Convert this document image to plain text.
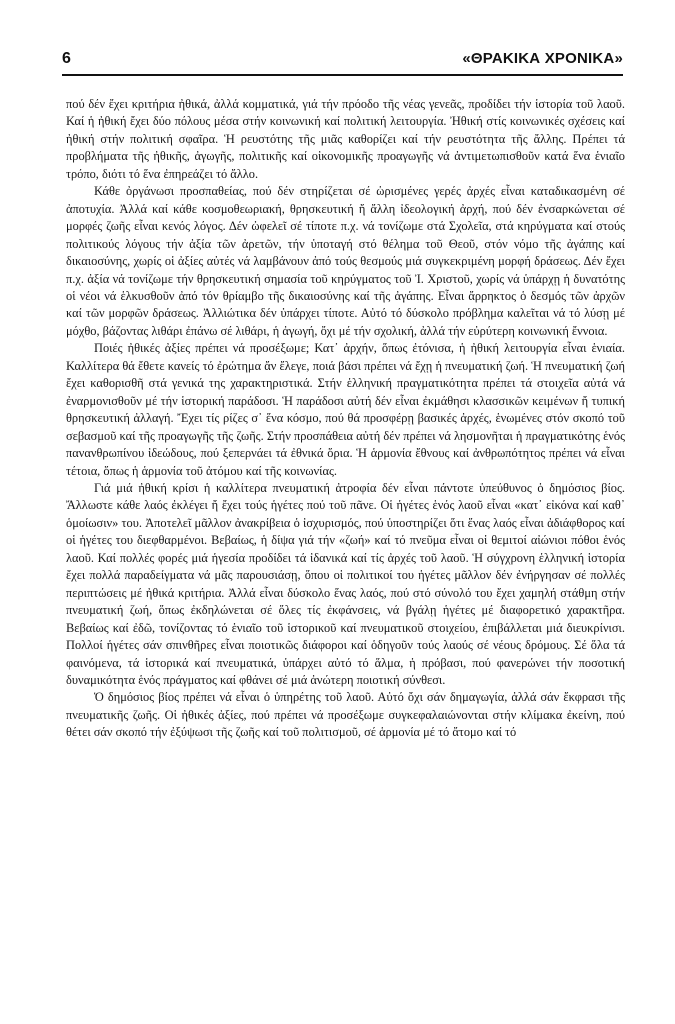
6	«ΘΡΑΚΙΚΑ ΧΡΟΝΙΚΑ»

πού δέν ἔχει κριτήρια ἠθικά, ἀλλά κομματικά, γιά τήν πρόοδο τῆς νέας γενεᾶς, προδίδει τήν ἱστορία τοῦ λαοῦ. Καί ἡ ἠθική ἔχει δύο πόλους μέσα στήν κοινωνική καί πολιτική λειτουργία. Ἠθική στίς κοινωνικές σχέσεις καί ἠθική στήν πολιτική σφαῖρα. Ἡ ρευστότης τῆς μιᾶς καθορίζει καί τήν ρευστότητα τῆς ἄλλης. Πρέπει τά προβλήματα τῆς ἠθικῆς, ἀγωγῆς, πολιτικῆς καί οἰκονομικῆς προαγωγῆς νά ἀντιμετωπισθοῦν κατά ἕνα ἑνιαῖο τρόπο, διότι τό ἕνα ἐπηρεάζει τό ἄλλο.

Κάθε ὀργάνωσι προσπαθείας, πού δέν στηρίζεται σέ ὡρισμένες γερές ἀρχές εἶναι καταδικασμένη σέ ἀποτυχία. Ἀλλά καί κάθε κοσμοθεωριακή, θρησκευτική ἤ ἄλλη ἰδεολογική ἀρχή, πού δέν ἐνσαρκώνεται σέ μορφές ζωῆς εἶναι κενός λόγος. Δέν ὠφελεῖ σέ τίποτε π.χ. νά τονίζωμε στά Σχολεῖα, στά κηρύγματα καί στούς πολιτικούς λόγους τήν ἀξία τῶν ἀρετῶν, τήν ὑποταγή στό θέλημα τοῦ Θεοῦ, στόν νόμο τῆς ἀγάπης καί δικαιοσύνης, χωρίς οἱ ἀξίες αὐτές νά λαμβάνουν ἀπό τούς θεσμούς μιά συγκεκριμένη μορφή δράσεως. Δέν ἔχει π.χ. ἀξία νά τονίζωμε τήν θρησκευτική σημασία τοῦ κηρύγματος τοῦ Ἰ. Χριστοῦ, χωρίς νά ὑπάρχῃ ἡ δυνατότης οἱ νέοι νά ἑλκυσθοῦν ἀπό τόν θρίαμβο τῆς δικαιοσύνης καί τῆς ἀγάπης. Εἶναι ἄρρηκτος ὁ δεσμός τῶν ἀρχῶν καί τῶν μορφῶν δράσεως. Ἀλλιώτικα δέν ὑπάρχει τίποτε. Αὐτό τό δύσκολο πρόβλημα καλεῖται νά τό λύσῃ μέ μόχθο, βάζοντας λιθάρι ἐπάνω σέ λιθάρι, ἡ ἀγωγή, ὄχι μέ τήν σχολική, ἀλλά τήν εὐρύτερη κοινωνική ἔννοια.

Ποιές ἠθικές ἀξίες πρέπει νά προσέξωμε; Κατ᾽ ἀρχήν, ὅπως ἐτόνισα, ἡ ἠθική λειτουργία εἶναι ἑνιαία. Καλλίτερα θά ἔθετε κανείς τό ἐρώτημα ἄν ἔλεγε, ποιά βάσι πρέπει νά ἔχῃ ἡ πνευματική ζωή. Ἡ πνευματική ζωή ἔχει καθορισθῆ στά γενικά της χαρακτηριστικά. Στήν ἑλληνική πραγματικότητα πρέπει τά στοιχεῖα αὐτά νά ἐναρμονισθοῦν μέ τήν ἱστορική παράδοσι. Ἡ παράδοσι αὐτή δέν εἶναι ἐκμάθησι κλασσικῶν κειμένων ἤ τυπική θρησκευτική ἀλλαγή. Ἔχει τίς ρίζες σ᾽ ἕνα κόσμο, πού θά προσφέρῃ βασικές ἀρχές, ἑνωμένες στόν σκοπό τοῦ σεβασμοῦ καί τῆς προαγωγῆς τῆς ζωῆς. Στήν προσπάθεια αὐτή δέν πρέπει νά λησμονῆται ἡ πραγματικότης ἑνός πανανθρωπίνου ἰδεώδους, πού ξεπερνάει τά ἐθνικά ὅρια. Ἡ ἁρμονία ἔθνους καί ἀνθρωπότητος πρέπει νά εἶναι τέτοια, ὅπως ἡ ἁρμονία τοῦ ἀτόμου καί τῆς κοινωνίας.

Γιά μιά ἠθική κρίσι ἡ καλλίτερα πνευματική ἀτροφία δέν εἶναι πάντοτε ὑπεύθυνος ὁ δημόσιος βίος. Ἄλλωστε κάθε λαός ἐκλέγει ἤ ἔχει τούς ἡγέτες πού τοῦ πᾶνε. Οἱ ἡγέτες ἑνός λαοῦ εἶναι «κατ᾽ εἰκόνα καί καθ᾽ ὁμοίωσιν» του. Ἀποτελεῖ μᾶλλον ἀνακρίβεια ὁ ἰσχυρισμός, πού ὑποστηρίζει ὅτι ἕνας λαός εἶναι ἀδιάφθορος καί οἱ ἡγέτες του διεφθαρμένοι. Βεβαίως, ἡ δίψα γιά τήν «ζωή» καί τό πνεῦμα εἶναι οἱ θεμιτοί αἰώνιοι πόθοι ἑνός λαοῦ. Καί πολλές φορές μιά ἡγεσία προδίδει τά ἰδανικά καί τίς ἀρχές τοῦ λαοῦ. Ἡ σύγχρονη ἑλληνική ἱστορία ἔχει πολλά παραδείγματα νά μᾶς παρουσιάσῃ, ὅπου οἱ πολιτικοί του ἡγέτες μᾶλλον δέν ἐνήργησαν σέ πολλές περιπτώσεις μέ ἠθικά κριτήρια. Ἀλλά εἶναι δύσκολο ἕνας λαός, πού στό σύνολό του ἔχει χαμηλή στάθμη στήν πνευματική ζωή, ὅπως ἐκδηλώνεται σέ ὅλες τίς ἐκφάνσεις, νά βγάλῃ ἡγέτες μέ διαφορετικό χαρακτῆρα. Βεβαίως καί ἐδῶ, τονίζοντας τό ἑνιαῖο τοῦ ἱστορικοῦ καί πνευματικοῦ στοιχείου, ἐπιβάλλεται μιά διευκρίνισι. Πολλοί ἡγέτες σάν σπινθῆρες εἶναι ποιοτικῶς διάφοροι καί ὁδηγοῦν τούς λαούς σέ νέους δρόμους. Σέ ὅλα τά φαινόμενα, τά ἱστορικά καί πνευματικά, ὑπάρχει αὐτό τό ἅλμα, ἡ πρόβασι, πού φανερώνει τήν ποσοτική δυναμικότητα ἑνός πράγματος καί φθάνει σέ μιά ἀνώτερη ποιοτική σύνθεσι.

Ὁ δημόσιος βίος πρέπει νά εἶναι ὁ ὑπηρέτης τοῦ λαοῦ. Αὐτό ὄχι σάν δημαγωγία, ἀλλά σάν ἔκφρασι τῆς πνευματικῆς ζωῆς. Οἱ ἠθικές ἀξίες, πού πρέπει νά προσέξωμε συγκεφαλαιώνονται στήν κλίμακα ἐκείνη, πού θέτει σάν σκοπό τήν ἐξύψωσι τῆς ζωῆς καί τοῦ πολιτισμοῦ, σέ ἁρμονία μέ τό ἄτομο καί τό
